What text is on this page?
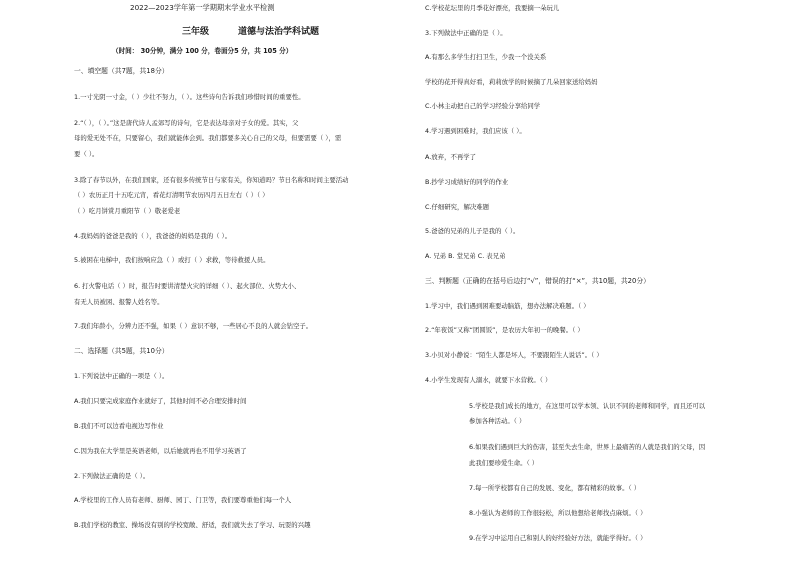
2022—2023学年第一学期期末学业水平检测
三年级	道德与法治学科试题
（时间： 30分钟，满分 100 分，卷面分5 分，共 105 分）
一、填空题（共7题，共18分）
1.一寸光阴一寸金，（ ）少壮不努力，（ ）。这些诗句告诉我们珍惜时间的重要性。
2.“（ ），（ ）。”这是唐代诗人孟郊写的诗句，它是表达母亲对子女的爱。其实，父
母的爱无处不在，只要留心，我们就能体会到。我们都要多关心自己的父母，但要需要（ ），需
要（ ）。
3.除了春节以外，在我们国家，还有很多传统节日与家有关，你知道吗？节日名称和时间主要活动
（ ）农历正月十五吃元宵，看花灯清明节农历四月五日左右（ ）（ ）
（ ）吃月饼赏月重阳节（ ）敬老爱老
4.我妈妈的爸爸是我的（ ），我爸爸的妈妈是我的（ ）。
5.被困在电梯中，我们按响应急（ ）或打（ ）求救，等待救援人员。
6. 打火警电话（ ）时，报告时要讲清楚火灾的详细（ ）、起火部位、火势大小、
有无人员被困、报警人姓名等。
7.我们年龄小，分辨力还不强，如果（ ）意识不够，一些居心不良的人就会钻空子。
二、选择题（共5题，共10分）
1.下列说法中正确的一项是（ ）。
A.我们只要完成家庭作业就好了，其他时间不必合理安排时间
B.我们不可以边看电视边写作业
C.因为我在大学里是英语老师，以后她就再也不用学习英语了
2.下列做法正确的是（ ）。
A.学校里的工作人员有老师、厨师、园丁、门卫等，我们要尊重他们每一个人
B.我们学校的教室、操场没有别的学校宽敞、舒适，我们就失去了学习、玩耍的兴趣
C.学校花坛里的月季花好漂亮，我要摘一朵玩儿
3.下列做法中正确的是（ ）。
A.有那么多学生打扫卫生，少我一个没关系
学校的花开得真好看，莉莉放学的时候摘了几朵回家送给妈妈
C.小林主动把自己的学习经验分享给同学
4.学习遇到困难时，我们应该（ ）。
A.放弃，不再学了
B.抄学习成绩好的同学的作业
C.仔细研究，解决难题
5.爸爸的兄弟的儿子是我的（ ）。
A. 兄弟 B. 堂兄弟 C. 表兄弟
三、判断题（正确的在括号后边打“√”，错误的打“×”，共10题，共20分）
1.学习中，我们遇到困难要动脑筋，想办法解决难题。（ ）
2.“年夜饭”又称“团圆饭”，是农历大年初一的晚餐。（ ）
3.小贝对小静说：“陌生人都是坏人，不要跟陌生人说话”。（ ）
4.小学生发现有人溺水，就要下水营救。（ ）
5.学校是我们成长的地方，在这里可以学本领、认识不同的老师和同学，而且还可以
参加各种活动。（ ）
6.如果我们遇到巨大的伤害，甚至失去生命，世界上最痛苦的人就是我们的父母，因
此我们要珍爱生命。（ ）
7.每一所学校都有自己的发展、变化，都有精彩的故事。（ ）
8.小强认为老师的工作很轻松，所以他想给老师找点麻烦。（ ）
9.在学习中运用自己和别人的好经验好方法，就能学得好。（ ）
